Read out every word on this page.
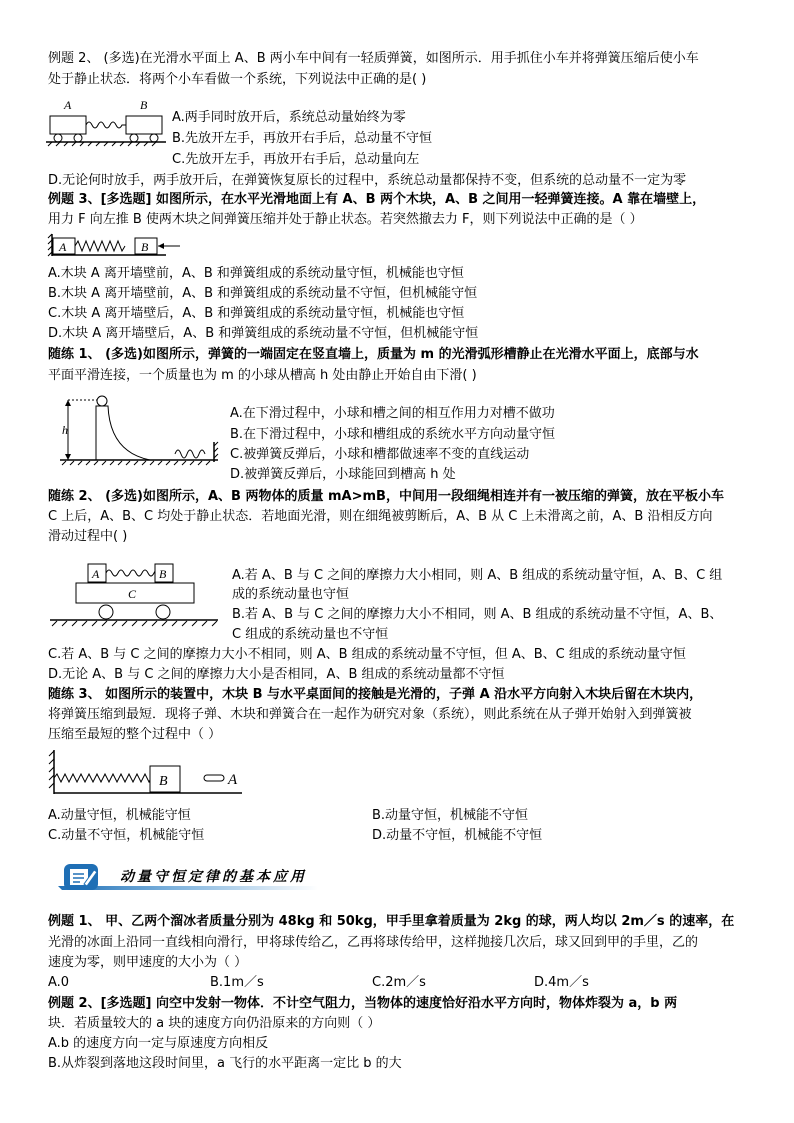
例题 2、 (多选)在光滑水平面上 A、B 两小车中间有一轻质弹簧，如图所示．用手抓住小车并将弹簧压缩后使小车
处于静止状态．将两个小车看做一个系统，下列说法中正确的是( )
A	B
A.两手同时放开后，系统总动量始终为零
B.先放开左手，再放开右手后，总动量不守恒
C.先放开左手，再放开右手后，总动量向左
D.无论何时放手，两手放开后，在弹簧恢复原长的过程中，系统总动量都保持不变，但系统的总动量不一定为零
例题 3、[多选题] 如图所示，在水平光滑地面上有 A、B 两个木块，A、B 之间用一轻弹簧连接。A 靠在墙壁上，
用力 F 向左推 B 使两木块之间弹簧压缩并处于静止状态。若突然撤去力 F，则下列说法中正确的是（ ）
A	B
A.木块 A 离开墙壁前，A、B 和弹簧组成的系统动量守恒，机械能也守恒
B.木块 A 离开墙壁前，A、B 和弹簧组成的系统动量不守恒，但机械能守恒
C.木块 A 离开墙壁后，A、B 和弹簧组成的系统动量守恒，机械能也守恒
D.木块 A 离开墙壁后，A、B 和弹簧组成的系统动量不守恒，但机械能守恒
随练 1、 (多选)如图所示，弹簧的一端固定在竖直墙上，质量为 m 的光滑弧形槽静止在光滑水平面上，底部与水
平面平滑连接，一个质量也为 m 的小球从槽高 h 处由静止开始自由下滑( )
h
A.在下滑过程中，小球和槽之间的相互作用力对槽不做功
B.在下滑过程中，小球和槽组成的系统水平方向动量守恒
C.被弹簧反弹后，小球和槽都做速率不变的直线运动
D.被弹簧反弹后，小球能回到槽高 h 处
随练 2、 (多选)如图所示，A、B 两物体的质量 mA>mB，中间用一段细绳相连并有一被压缩的弹簧，放在平板小车
C 上后，A、B、C 均处于静止状态．若地面光滑，则在细绳被剪断后，A、B 从 C 上未滑离之前，A、B 沿相反方向
滑动过程中( )
A	B
C
A.若 A、B 与 C 之间的摩擦力大小相同，则 A、B 组成的系统动量守恒，A、B、C 组
成的系统动量也守恒
B.若 A、B 与 C 之间的摩擦力大小不相同，则 A、B 组成的系统动量不守恒，A、B、
C 组成的系统动量也不守恒
C.若 A、B 与 C 之间的摩擦力大小不相同，则 A、B 组成的系统动量不守恒，但 A、B、C 组成的系统动量守恒
D.无论 A、B 与 C 之间的摩擦力大小是否相同，A、B 组成的系统动量都不守恒
随练 3、 如图所示的装置中，木块 B 与水平桌面间的接触是光滑的，子弹 A 沿水平方向射入木块后留在木块内，
将弹簧压缩到最短．现将子弹、木块和弹簧合在一起作为研究对象（系统），则此系统在从子弹开始射入到弹簧被
压缩至最短的整个过程中（ ）
B	A
A.动量守恒，机械能守恒	B.动量守恒，机械能不守恒
C.动量不守恒，机械能守恒	D.动量不守恒，机械能不守恒
动量守恒定律的基本应用
例题 1、 甲、乙两个溜冰者质量分别为 48kg 和 50kg，甲手里拿着质量为 2kg 的球，两人均以 2m／s 的速率，在
光滑的冰面上沿同一直线相向滑行，甲将球传给乙，乙再将球传给甲，这样抛接几次后，球又回到甲的手里，乙的
速度为零，则甲速度的大小为（ ）
A.0	B.1m／s	C.2m／s	D.4m／s
例题 2、[多选题] 向空中发射一物体．不计空气阻力，当物体的速度恰好沿水平方向时，物体炸裂为 a，b 两
块．若质量较大的 a 块的速度方向仍沿原来的方向则（ ）
A.b 的速度方向一定与原速度方向相反
B.从炸裂到落地这段时间里，a 飞行的水平距离一定比 b 的大
